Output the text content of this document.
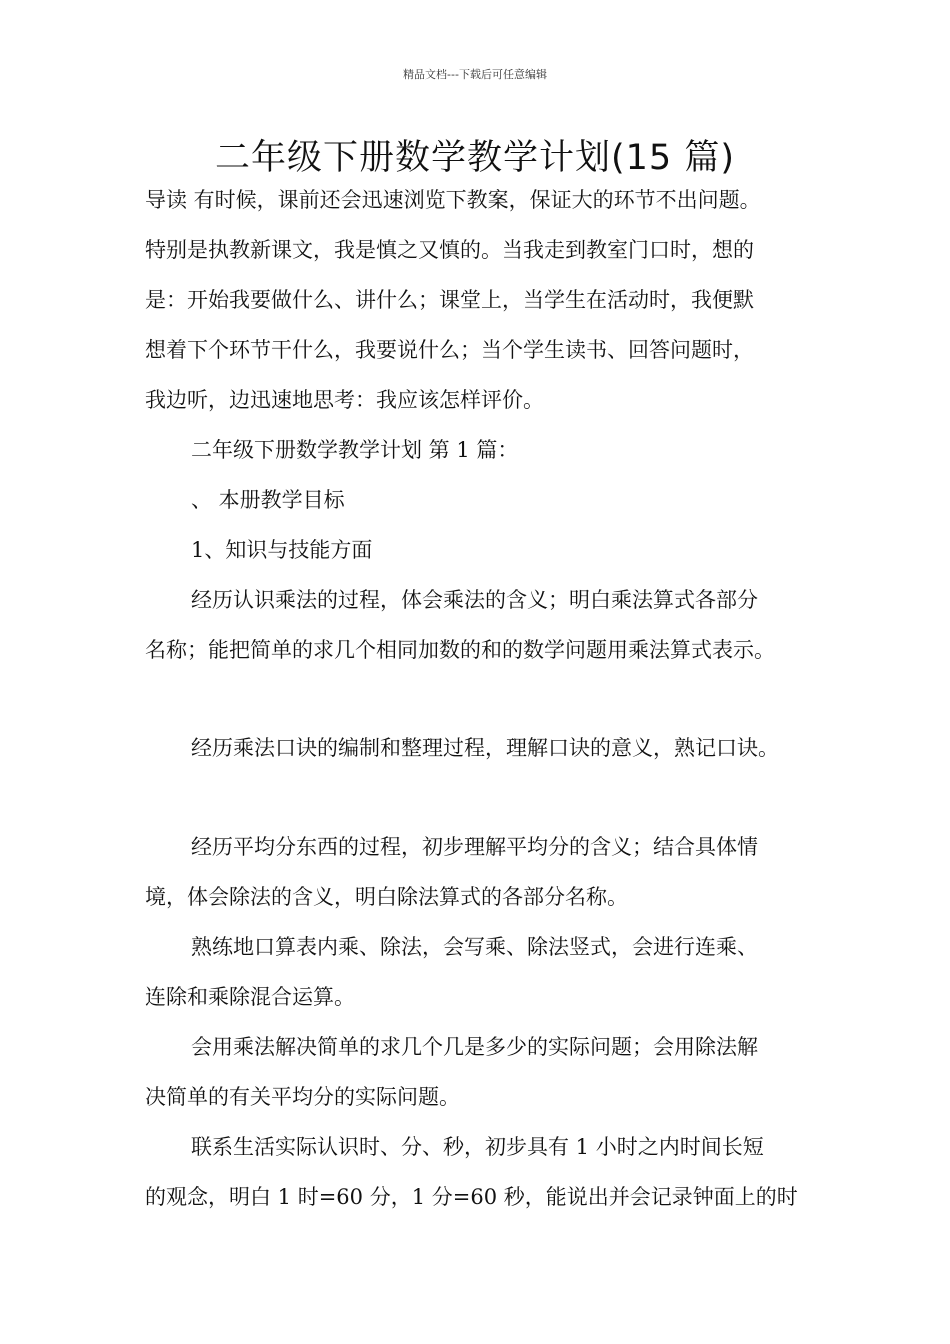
精品文档---下载后可任意编辑
二年级下册数学教学计划(15 篇)
导读 有时候，课前还会迅速浏览下教案，保证大的环节不出问题。
特别是执教新课文，我是慎之又慎的。当我走到教室门口时，想的
是：开始我要做什么、讲什么；课堂上，当学生在活动时，我便默
想着下个环节干什么，我要说什么；当个学生读书、回答问题时，
我边听，边迅速地思考：我应该怎样评价。
二年级下册数学教学计划 第 1 篇：
、 本册教学目标
1、知识与技能方面
经历认识乘法的过程，体会乘法的含义；明白乘法算式各部分
名称；能把简单的求几个相同加数的和的数学问题用乘法算式表示。
经历乘法口诀的编制和整理过程，理解口诀的意义，熟记口诀。
经历平均分东西的过程，初步理解平均分的含义；结合具体情
境，体会除法的含义，明白除法算式的各部分名称。
熟练地口算表内乘、除法，会写乘、除法竖式，会进行连乘、
连除和乘除混合运算。
会用乘法解决简单的求几个几是多少的实际问题；会用除法解
决简单的有关平均分的实际问题。
联系生活实际认识时、分、秒，初步具有 1 小时之内时间长短
的观念，明白 1 时=60 分，1 分=60 秒，能说出并会记录钟面上的时
